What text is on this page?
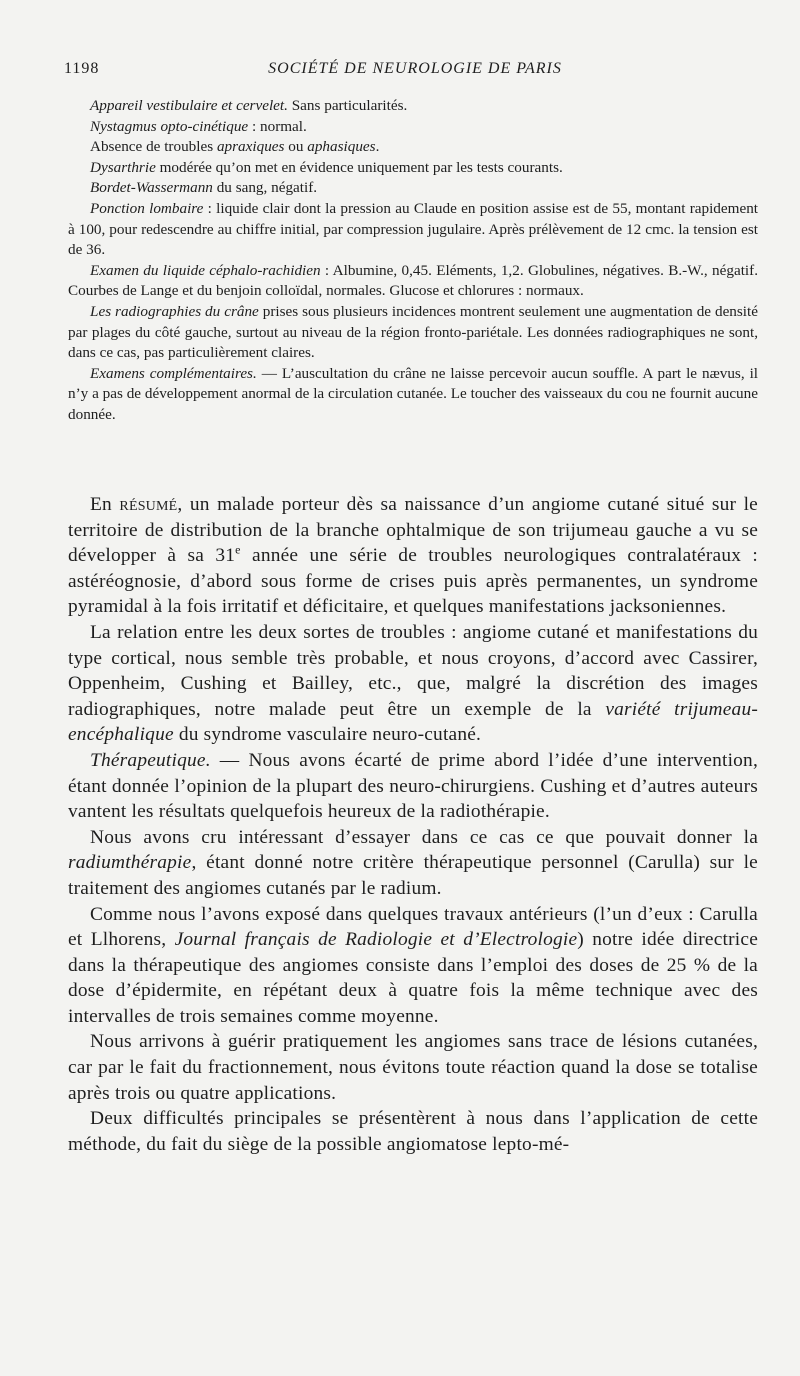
1198	SOCIÉTÉ DE NEUROLOGIE DE PARIS

Appareil vestibulaire et cervelet. Sans particularités.

Nystagmus opto-cinétique : normal.

Absence de troubles apraxiques ou aphasiques.

Dysarthrie modérée qu’on met en évidence uniquement par les tests courants.

Bordet-Wassermann du sang, négatif.

Ponction lombaire : liquide clair dont la pression au Claude en position assise est de 55, montant rapidement à 100, pour redescendre au chiffre initial, par compression jugulaire. Après prélèvement de 12 cmc. la tension est de 36.

Examen du liquide céphalo-rachidien : Albumine, 0,45. Eléments, 1,2. Globulines, négatives. B.-W., négatif. Courbes de Lange et du benjoin colloïdal, normales. Glucose et chlorures : normaux.

Les radiographies du crâne prises sous plusieurs incidences montrent seulement une augmentation de densité par plages du côté gauche, surtout au niveau de la région fronto-pariétale. Les données radiographiques ne sont, dans ce cas, pas particulièrement claires.

Examens complémentaires. — L’auscultation du crâne ne laisse percevoir aucun souffle. A part le nævus, il n’y a pas de développement anormal de la circulation cutanée. Le toucher des vaisseaux du cou ne fournit aucune donnée.

En résumé, un malade porteur dès sa naissance d’un angiome cutané situé sur le territoire de distribution de la branche ophtalmique de son trijumeau gauche a vu se développer à sa 31e année une série de troubles neurologiques contralatéraux : astéréognosie, d’abord sous forme de crises puis après permanentes, un syndrome pyramidal à la fois irritatif et déficitaire, et quelques manifestations jacksoniennes.

La relation entre les deux sortes de troubles : angiome cutané et manifestations du type cortical, nous semble très probable, et nous croyons, d’accord avec Cassirer, Oppenheim, Cushing et Bailley, etc., que, malgré la discrétion des images radiographiques, notre malade peut être un exemple de la variété trijumeau-encéphalique du syndrome vasculaire neuro-cutané.

Thérapeutique. — Nous avons écarté de prime abord l’idée d’une intervention, étant donnée l’opinion de la plupart des neuro-chirurgiens. Cushing et d’autres auteurs vantent les résultats quelquefois heureux de la radiothérapie.

Nous avons cru intéressant d’essayer dans ce cas ce que pouvait donner la radiumthérapie, étant donné notre critère thérapeutique personnel (Carulla) sur le traitement des angiomes cutanés par le radium.

Comme nous l’avons exposé dans quelques travaux antérieurs (l’un d’eux : Carulla et Llhorens, Journal français de Radiologie et d’Electrologie) notre idée directrice dans la thérapeutique des angiomes consiste dans l’emploi des doses de 25 % de la dose d’épidermite, en répétant deux à quatre fois la même technique avec des intervalles de trois semaines comme moyenne.

Nous arrivons à guérir pratiquement les angiomes sans trace de lésions cutanées, car par le fait du fractionnement, nous évitons toute réaction quand la dose se totalise après trois ou quatre applications.

Deux difficultés principales se présentèrent à nous dans l’application de cette méthode, du fait du siège de la possible angiomatose lepto-mé-
